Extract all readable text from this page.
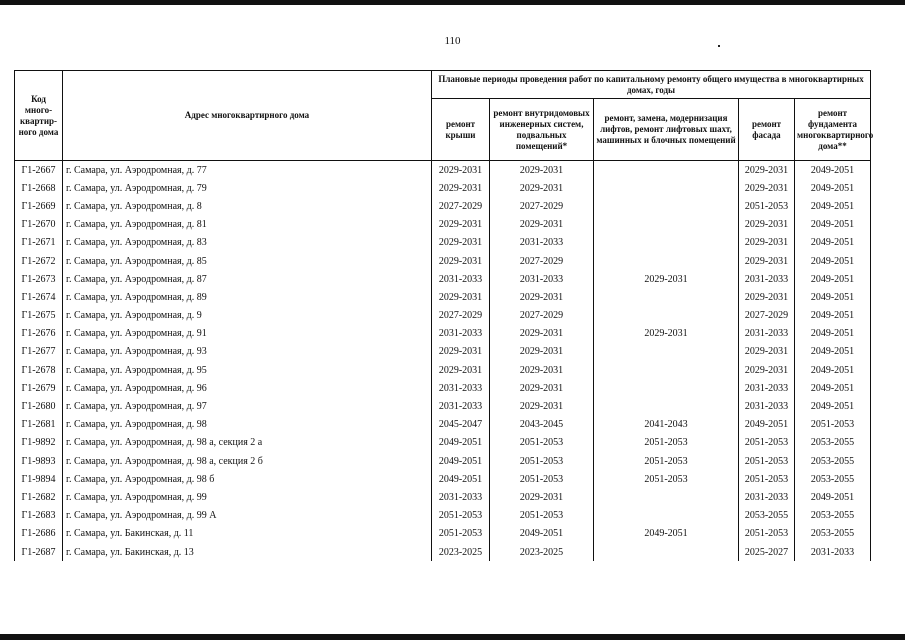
110
Код много-квартир-ного дома	Адрес многоквартирного дома	Плановые периоды проведения работ по капитальному ремонту общего имущества в многоквартирных домах, годы				
		ремонт крыши	ремонт внутридомовых инженерных систем, подвальных помещений*	ремонт, замена, модернизация лифтов, ремонт лифтовых шахт, машинных и блочных помещений	ремонт фасада	ремонт фундамента многоквартирного дома**
Г1-2667	г. Самара, ул. Аэродромная, д. 77	2029-2031	2029-2031		2029-2031	2049-2051
Г1-2668	г. Самара, ул. Аэродромная, д. 79	2029-2031	2029-2031		2029-2031	2049-2051
Г1-2669	г. Самара, ул. Аэродромная, д. 8	2027-2029	2027-2029		2051-2053	2049-2051
Г1-2670	г. Самара, ул. Аэродромная, д. 81	2029-2031	2029-2031		2029-2031	2049-2051
Г1-2671	г. Самара, ул. Аэродромная, д. 83	2029-2031	2031-2033		2029-2031	2049-2051
Г1-2672	г. Самара, ул. Аэродромная, д. 85	2029-2031	2027-2029		2029-2031	2049-2051
Г1-2673	г. Самара, ул. Аэродромная, д. 87	2031-2033	2031-2033	2029-2031	2031-2033	2049-2051
Г1-2674	г. Самара, ул. Аэродромная, д. 89	2029-2031	2029-2031		2029-2031	2049-2051
Г1-2675	г. Самара, ул. Аэродромная, д. 9	2027-2029	2027-2029		2027-2029	2049-2051
Г1-2676	г. Самара, ул. Аэродромная, д. 91	2031-2033	2029-2031	2029-2031	2031-2033	2049-2051
Г1-2677	г. Самара, ул. Аэродромная, д. 93	2029-2031	2029-2031		2029-2031	2049-2051
Г1-2678	г. Самара, ул. Аэродромная, д. 95	2029-2031	2029-2031		2029-2031	2049-2051
Г1-2679	г. Самара, ул. Аэродромная, д. 96	2031-2033	2029-2031		2031-2033	2049-2051
Г1-2680	г. Самара, ул. Аэродромная, д. 97	2031-2033	2029-2031		2031-2033	2049-2051
Г1-2681	г. Самара, ул. Аэродромная, д. 98	2045-2047	2043-2045	2041-2043	2049-2051	2051-2053
Г1-9892	г. Самара, ул. Аэродромная, д. 98 а, секция 2 а	2049-2051	2051-2053	2051-2053	2051-2053	2053-2055
Г1-9893	г. Самара, ул. Аэродромная, д. 98 а, секция 2 б	2049-2051	2051-2053	2051-2053	2051-2053	2053-2055
Г1-9894	г. Самара, ул. Аэродромная, д. 98 б	2049-2051	2051-2053	2051-2053	2051-2053	2053-2055
Г1-2682	г. Самара, ул. Аэродромная, д. 99	2031-2033	2029-2031		2031-2033	2049-2051
Г1-2683	г. Самара, ул. Аэродромная, д. 99 А	2051-2053	2051-2053		2053-2055	2053-2055
Г1-2686	г. Самара, ул. Бакинская, д. 11	2051-2053	2049-2051	2049-2051	2051-2053	2053-2055
Г1-2687	г. Самара, ул. Бакинская, д. 13	2023-2025	2023-2025		2025-2027	2031-2033
